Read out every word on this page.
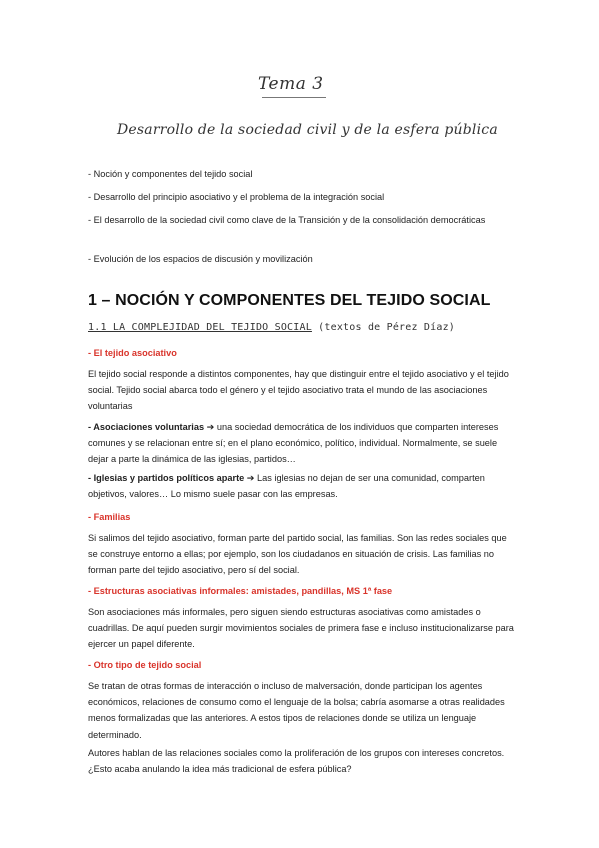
Tema 3
Desarrollo de la sociedad civil y de la esfera pública
- Noción y componentes del tejido social
- Desarrollo del principio asociativo y el problema de la integración social
- El desarrollo de la sociedad civil como clave de la Transición y de la consolidación democráticas
- Evolución de los espacios de discusión y movilización
1 – NOCIÓN Y COMPONENTES DEL TEJIDO SOCIAL
1.1 LA COMPLEJIDAD DEL TEJIDO SOCIAL (textos de Pérez Díaz)
- El tejido asociativo
El tejido social responde a distintos componentes, hay que distinguir entre el tejido asociativo y el tejido social. Tejido social abarca todo el género y el tejido asociativo trata el mundo de las asociaciones voluntarias
- Asociaciones voluntarias ➔ una sociedad democrática de los individuos que comparten intereses comunes y se relacionan entre sí; en el plano económico, político, individual. Normalmente, se suele dejar a parte la dinámica de las iglesias, partidos…
- Iglesias y partidos políticos aparte ➔ Las iglesias no dejan de ser una comunidad, comparten objetivos, valores… Lo mismo suele pasar con las empresas.
- Familias
Si salimos del tejido asociativo, forman parte del partido social, las familias. Son las redes sociales que se construye entorno a ellas; por ejemplo, son los ciudadanos en situación de crisis. Las familias no forman parte del tejido asociativo, pero sí del social.
- Estructuras asociativas informales: amistades, pandillas, MS 1ª fase
Son asociaciones más informales, pero siguen siendo estructuras asociativas como amistades o cuadrillas. De aquí pueden surgir movimientos sociales de primera fase e incluso institucionalizarse para ejercer un papel diferente.
- Otro tipo de tejido social
Se tratan de otras formas de interacción o incluso de malversación, donde participan los agentes económicos, relaciones de consumo como el lenguaje de la bolsa; cabría asomarse a otras realidades menos formalizadas que las anteriores. A estos tipos de relaciones donde se utiliza un lenguaje determinado.
Autores hablan de las relaciones sociales como la proliferación de los grupos con intereses concretos. ¿Esto acaba anulando la idea más tradicional de esfera pública?
